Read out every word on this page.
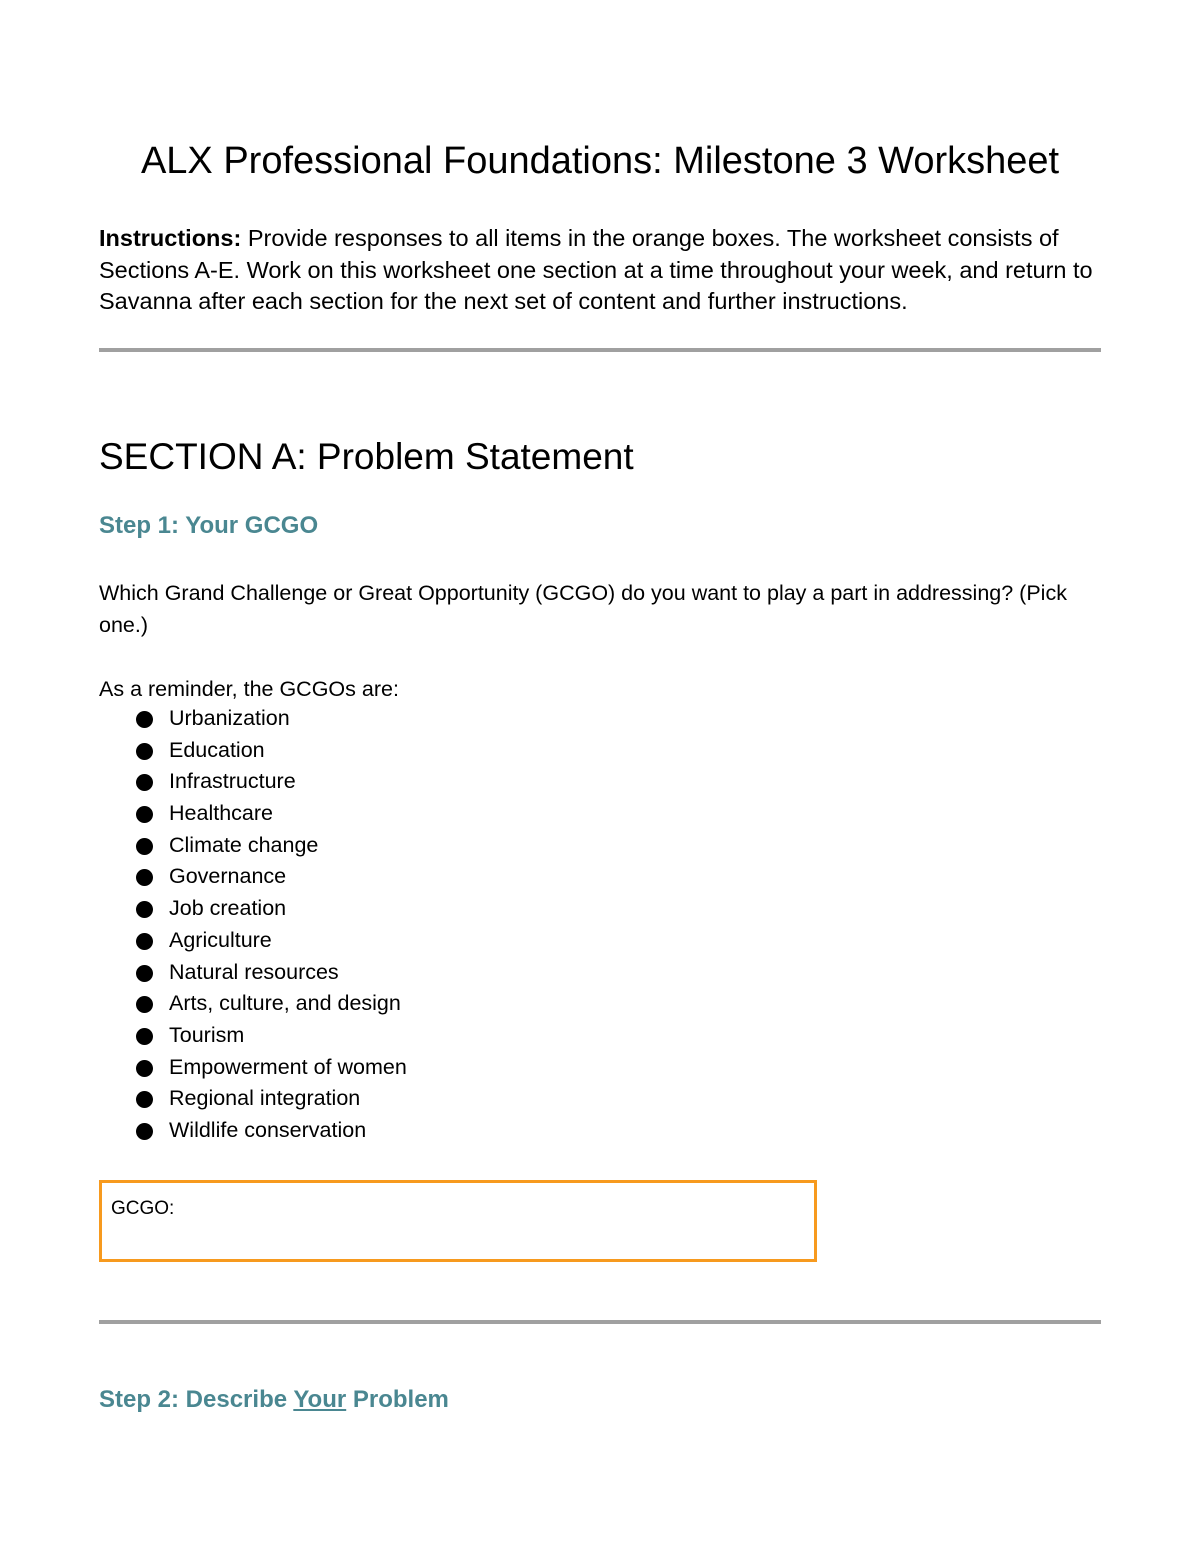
ALX Professional Foundations: Milestone 3 Worksheet

Instructions: Provide responses to all items in the orange boxes. The worksheet consists of Sections A-E. Work on this worksheet one section at a time throughout your week, and return to Savanna after each section for the next set of content and further instructions.

SECTION A: Problem Statement
Step 1: Your GCGO

Which Grand Challenge or Great Opportunity (GCGO) do you want to play a part in addressing? (Pick one.)

As a reminder, the GCGOs are:

Urbanization
Education
Infrastructure
Healthcare
Climate change
Governance
Job creation
Agriculture
Natural resources
Arts, culture, and design
Tourism
Empowerment of women
Regional integration
Wildlife conservation
GCGO:
Step 2: Describe Your Problem
